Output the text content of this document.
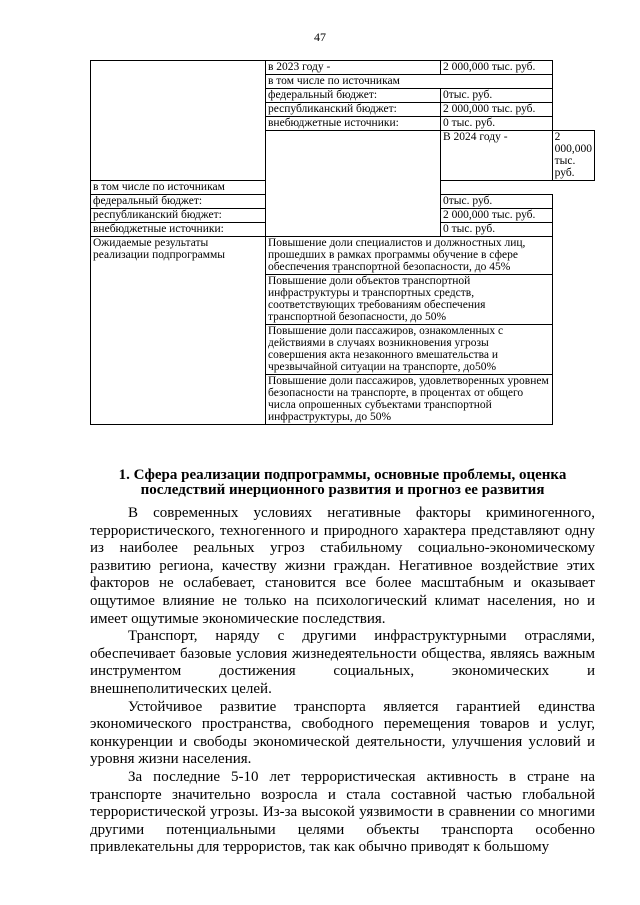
47
	в 2023 году -	2 000,000 тыс. руб.	
	в том числе по источникам		
	федеральный бюджет:	0тыс. руб.	
	республиканский бюджет:	2 000,000 тыс. руб.	
	внебюджетные источники:	0 тыс. руб.	
		В 2024 году -	2 000,000 тыс. руб.
в том числе по источникам			
федеральный бюджет:		0тыс. руб.	
республиканский бюджет:		2 000,000 тыс. руб.	
внебюджетные источники:		0 тыс. руб.	
Ожидаемые результаты реализации подпрограммы	Повышение доли специалистов и должностных лиц, прошедших в рамках программы обучение в сфере обеспечения транспортной безопасности, до 45%		
	Повышение доли объектов транспортной инфраструктуры и транспортных средств, соответствующих требованиям обеспечения транспортной безопасности, до 50%		
	Повышение доли пассажиров, ознакомленных с действиями в случаях возникновения угрозы совершения акта незаконного вмешательства и чрезвычайной ситуации на транспорте, до50%		
	Повышение доли пассажиров, удовлетворенных уровнем безопасности на транспорте, в процентах от общего числа опрошенных субъектами транспортной инфраструктуры, до 50%		
1. Сфера реализации подпрограммы, основные проблемы, оценка
последствий инерционного развития и прогноз ее развития

В современных условиях негативные факторы криминогенного, террористического, техногенного и природного характера представляют одну из наиболее реальных угроз стабильному социально-экономическому развитию региона, качеству жизни граждан. Негативное воздействие этих факторов не ослабевает, становится все более масштабным и оказывает ощутимое влияние не только на психологический климат населения, но и имеет ощутимые экономические последствия.

Транспорт, наряду с другими инфраструктурными отраслями, обеспечивает базовые условия жизнедеятельности общества, являясь важным инструментом достижения социальных, экономических и внешнеполитических целей.

Устойчивое развитие транспорта является гарантией единства экономического пространства, свободного перемещения товаров и услуг, конкуренции и свободы экономической деятельности, улучшения условий и уровня жизни населения.

За последние 5-10 лет террористическая активность в стране на транспорте значительно возросла и стала составной частью глобальной террористической угрозы. Из-за высокой уязвимости в сравнении со многими другими потенциальными целями объекты транспорта особенно привлекательны для террористов, так как обычно приводят к большому
